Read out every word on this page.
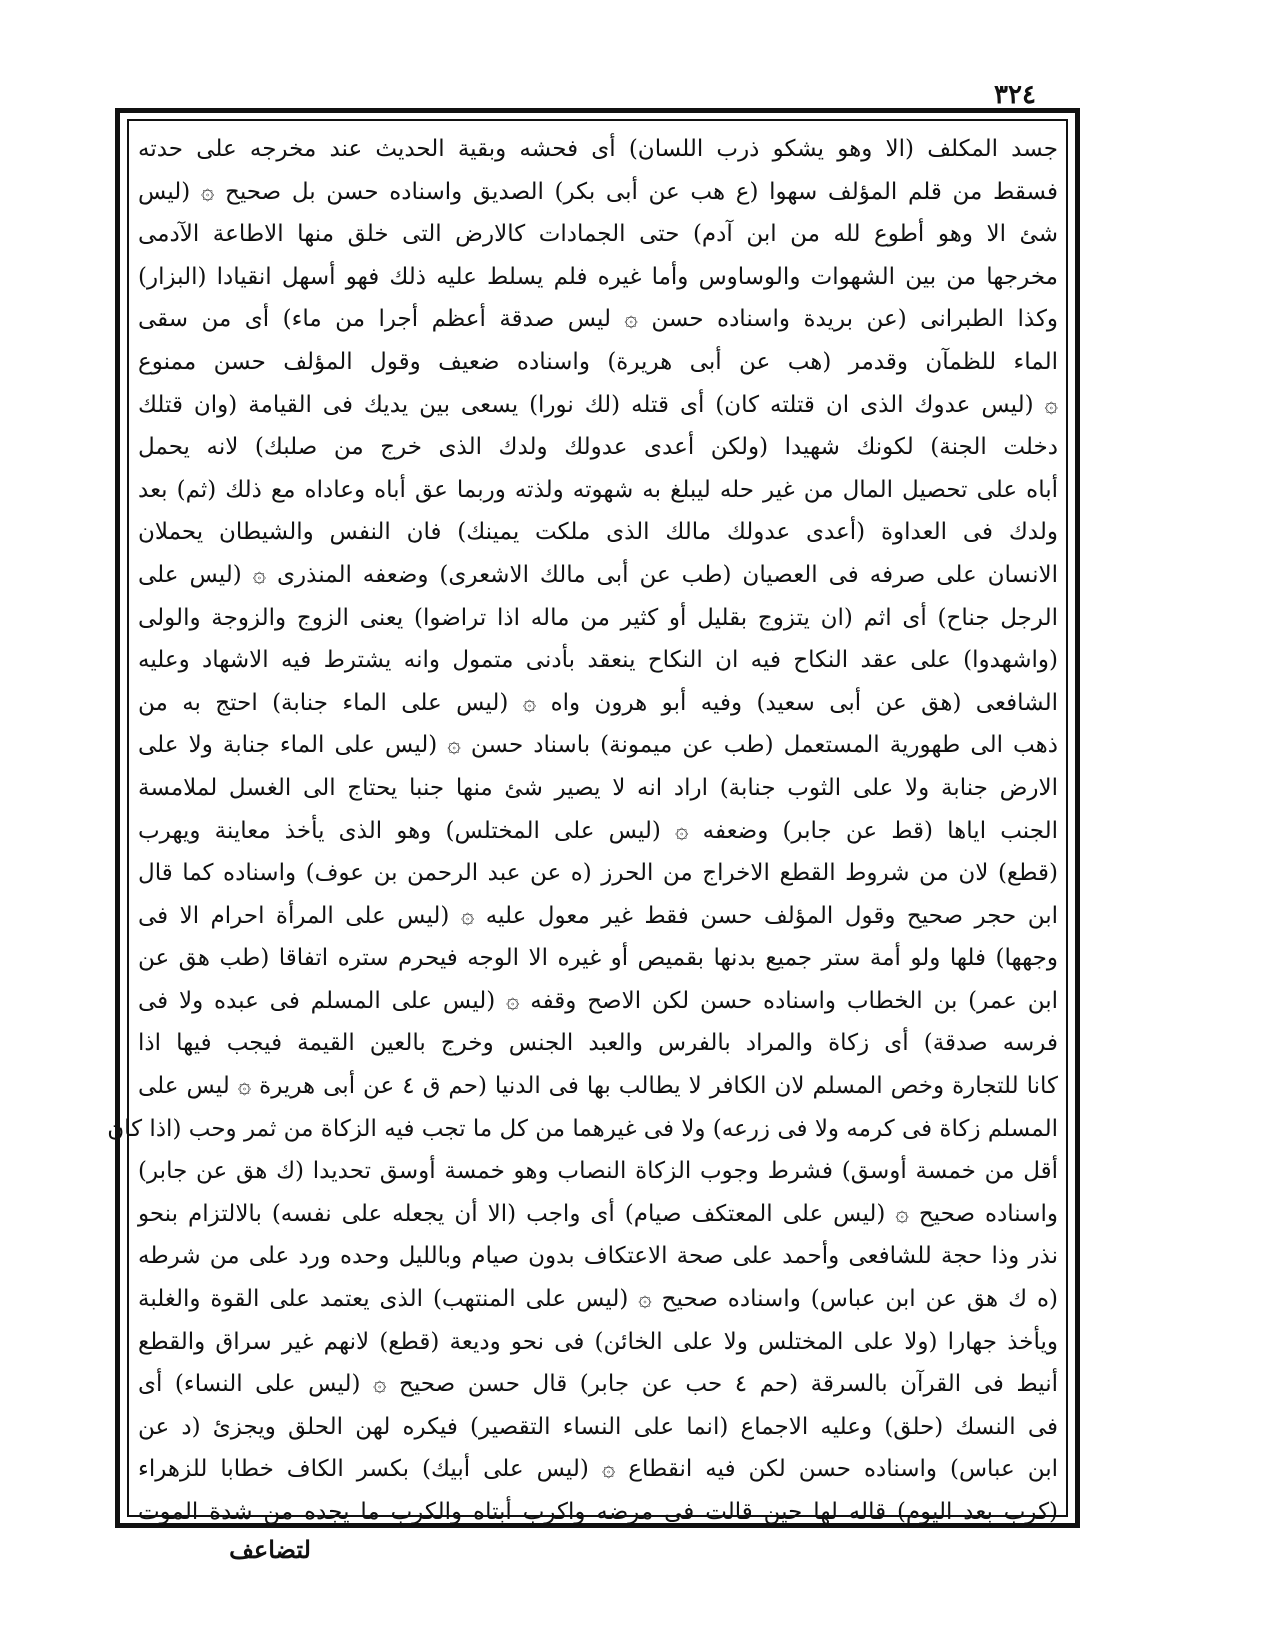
٣٢٤
جسد المكلف (الا وهو يشكو ذرب اللسان) أى فحشه وبقية الحديث عند مخرجه على حدته
فسقط من قلم المؤلف سهوا (ع هب عن أبى بكر) الصديق واسناده حسن بل صحيح ۞ (ليس
شئ الا وهو أطوع لله من ابن آدم) حتى الجمادات كالارض التى خلق منها الاطاعة الآدمى
مخرجها من بين الشهوات والوساوس وأما غيره فلم يسلط عليه ذلك فهو أسهل انقيادا (البزار)
وكذا الطبرانى (عن بريدة واسناده حسن ۞ ليس صدقة أعظم أجرا من ماء) أى من سقى
الماء للظمآن وقدمر (هب عن أبى هريرة) واسناده ضعيف وقول المؤلف حسن ممنوع
۞ (ليس عدوك الذى ان قتلته كان) أى قتله (لك نورا) يسعى بين يديك فى القيامة (وان قتلك
دخلت الجنة) لكونك شهيدا (ولكن أعدى عدولك ولدك الذى خرج من صلبك) لانه يحمل
أباه على تحصيل المال من غير حله ليبلغ به شهوته ولذته وربما عق أباه وعاداه مع ذلك (ثم) بعد
ولدك فى العداوة (أعدى عدولك مالك الذى ملكت يمينك) فان النفس والشيطان يحملان
الانسان على صرفه فى العصيان (طب عن أبى مالك الاشعرى) وضعفه المنذرى ۞ (ليس على
الرجل جناح) أى اثم (ان يتزوج بقليل أو كثير من ماله اذا تراضوا) يعنى الزوج والزوجة والولى
(واشهدوا) على عقد النكاح فيه ان النكاح ينعقد بأدنى متمول وانه يشترط فيه الاشهاد وعليه
الشافعى (هق عن أبى سعيد) وفيه أبو هرون واه ۞ (ليس على الماء جنابة) احتج به من
ذهب الى طهورية المستعمل (طب عن ميمونة) باسناد حسن ۞ (ليس على الماء جنابة ولا على
الارض جنابة ولا على الثوب جنابة) اراد انه لا يصير شئ منها جنبا يحتاج الى الغسل لملامسة
الجنب اياها (قط عن جابر) وضعفه ۞ (ليس على المختلس) وهو الذى يأخذ معاينة ويهرب
(قطع) لان من شروط القطع الاخراج من الحرز (ه عن عبد الرحمن بن عوف) واسناده كما قال
ابن حجر صحيح وقول المؤلف حسن فقط غير معول عليه ۞ (ليس على المرأة احرام الا فى
وجهها) فلها ولو أمة ستر جميع بدنها بقميص أو غيره الا الوجه فيحرم ستره اتفاقا (طب هق عن
ابن عمر) بن الخطاب واسناده حسن لكن الاصح وقفه ۞ (ليس على المسلم فى عبده ولا فى
فرسه صدقة) أى زكاة والمراد بالفرس والعبد الجنس وخرج بالعين القيمة فيجب فيها اذا
كانا للتجارة وخص المسلم لان الكافر لا يطالب بها فى الدنيا (حم ق ٤ عن أبى هريرة ۞ ليس على
المسلم زكاة فى كرمه ولا فى زرعه) ولا فى غيرهما من كل ما تجب فيه الزكاة من ثمر وحب (اذا كان
أقل من خمسة أوسق) فشرط وجوب الزكاة النصاب وهو خمسة أوسق تحديدا (ك هق عن جابر)
واسناده صحيح ۞ (ليس على المعتكف صيام) أى واجب (الا أن يجعله على نفسه) بالالتزام بنحو
نذر وذا حجة للشافعى وأحمد على صحة الاعتكاف بدون صيام وبالليل وحده ورد على من شرطه
(ه ك هق عن ابن عباس) واسناده صحيح ۞ (ليس على المنتهب) الذى يعتمد على القوة والغلبة
ويأخذ جهارا (ولا على المختلس ولا على الخائن) فى نحو وديعة (قطع) لانهم غير سراق والقطع
أنيط فى القرآن بالسرقة (حم ٤ حب عن جابر) قال حسن صحيح ۞ (ليس على النساء) أى
فى النسك (حلق) وعليه الاجماع (انما على النساء التقصير) فيكره لهن الحلق ويجزئ (د عن
ابن عباس) واسناده حسن لكن فيه انقطاع ۞ (ليس على أبيك) بكسر الكاف خطابا للزهراء
(كرب بعد اليوم) قاله لها حين قالت فى مرضه واكرب أبتاه والكرب ما يجده من شدة الموت
لتضاعف
